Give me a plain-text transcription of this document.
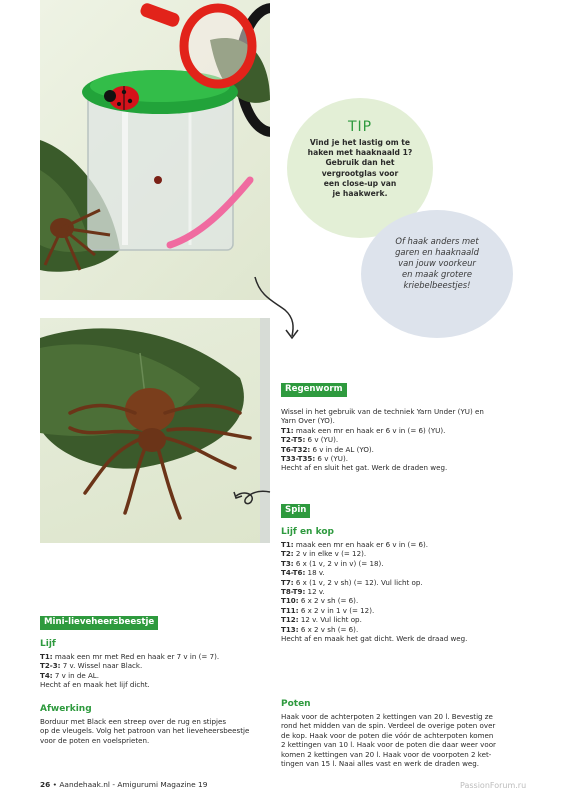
TIP
Vind je het lastig om te
haken met haaknaald 1?
Gebruik dan het
vergrootglas voor
een close-up van
je haakwerk.
Of haak anders met
garen en haaknaald
van jouw voorkeur
en maak grotere
kriebelbeestjes!
Regenworm
Wissel in het gebruik van de techniek Yarn Under (YU) en
Yarn Over (YO).
T1: maak een mr en haak er 6 v in (= 6) (YU).
T2-T5: 6 v (YU).
T6-T32: 6 v in de AL (YO).
T33-T35: 6 v (YU).
Hecht af en sluit het gat. Werk de draden weg.
Spin
Lijf en kop
T1: maak een mr en haak er 6 v in (= 6).
T2: 2 v in elke v (= 12).
T3: 6 x (1 v, 2 v in v) (= 18).
T4-T6: 18 v.
T7: 6 x (1 v, 2 v sh) (= 12). Vul licht op.
T8-T9: 12 v.
T10: 6 x 2 v sh (= 6).
T11: 6 x 2 v in 1 v (= 12).
T12: 12 v. Vul licht op.
T13: 6 x 2 v sh (= 6).
Hecht af en maak het gat dicht. Werk de draad weg.
Poten
Haak voor de achterpoten 2 kettingen van 20 l. Bevestig ze
rond het midden van de spin. Verdeel de overige poten over
de kop. Haak voor de poten die vóór de achterpoten komen
2 kettingen van 10 l. Haak voor de poten die daar weer voor
komen 2 kettingen van 20 l. Haak voor de voorpoten 2 ket-
tingen van 15 l. Naai alles vast en werk de draden weg.
Mini-lieveheersbeestje
Lijf
T1: maak een mr met Red en haak er 7 v in (= 7).
T2-3: 7 v. Wissel naar Black.
T4: 7 v in de AL.
Hecht af en maak het lijf dicht.
Afwerking
Borduur met Black een streep over de rug en stipjes
op de vleugels. Volg het patroon van het lieveheersbeestje
voor de poten en voelsprieten.
26 • Aandehaak.nl - Amigurumi Magazine 19	PassionForum.ru
